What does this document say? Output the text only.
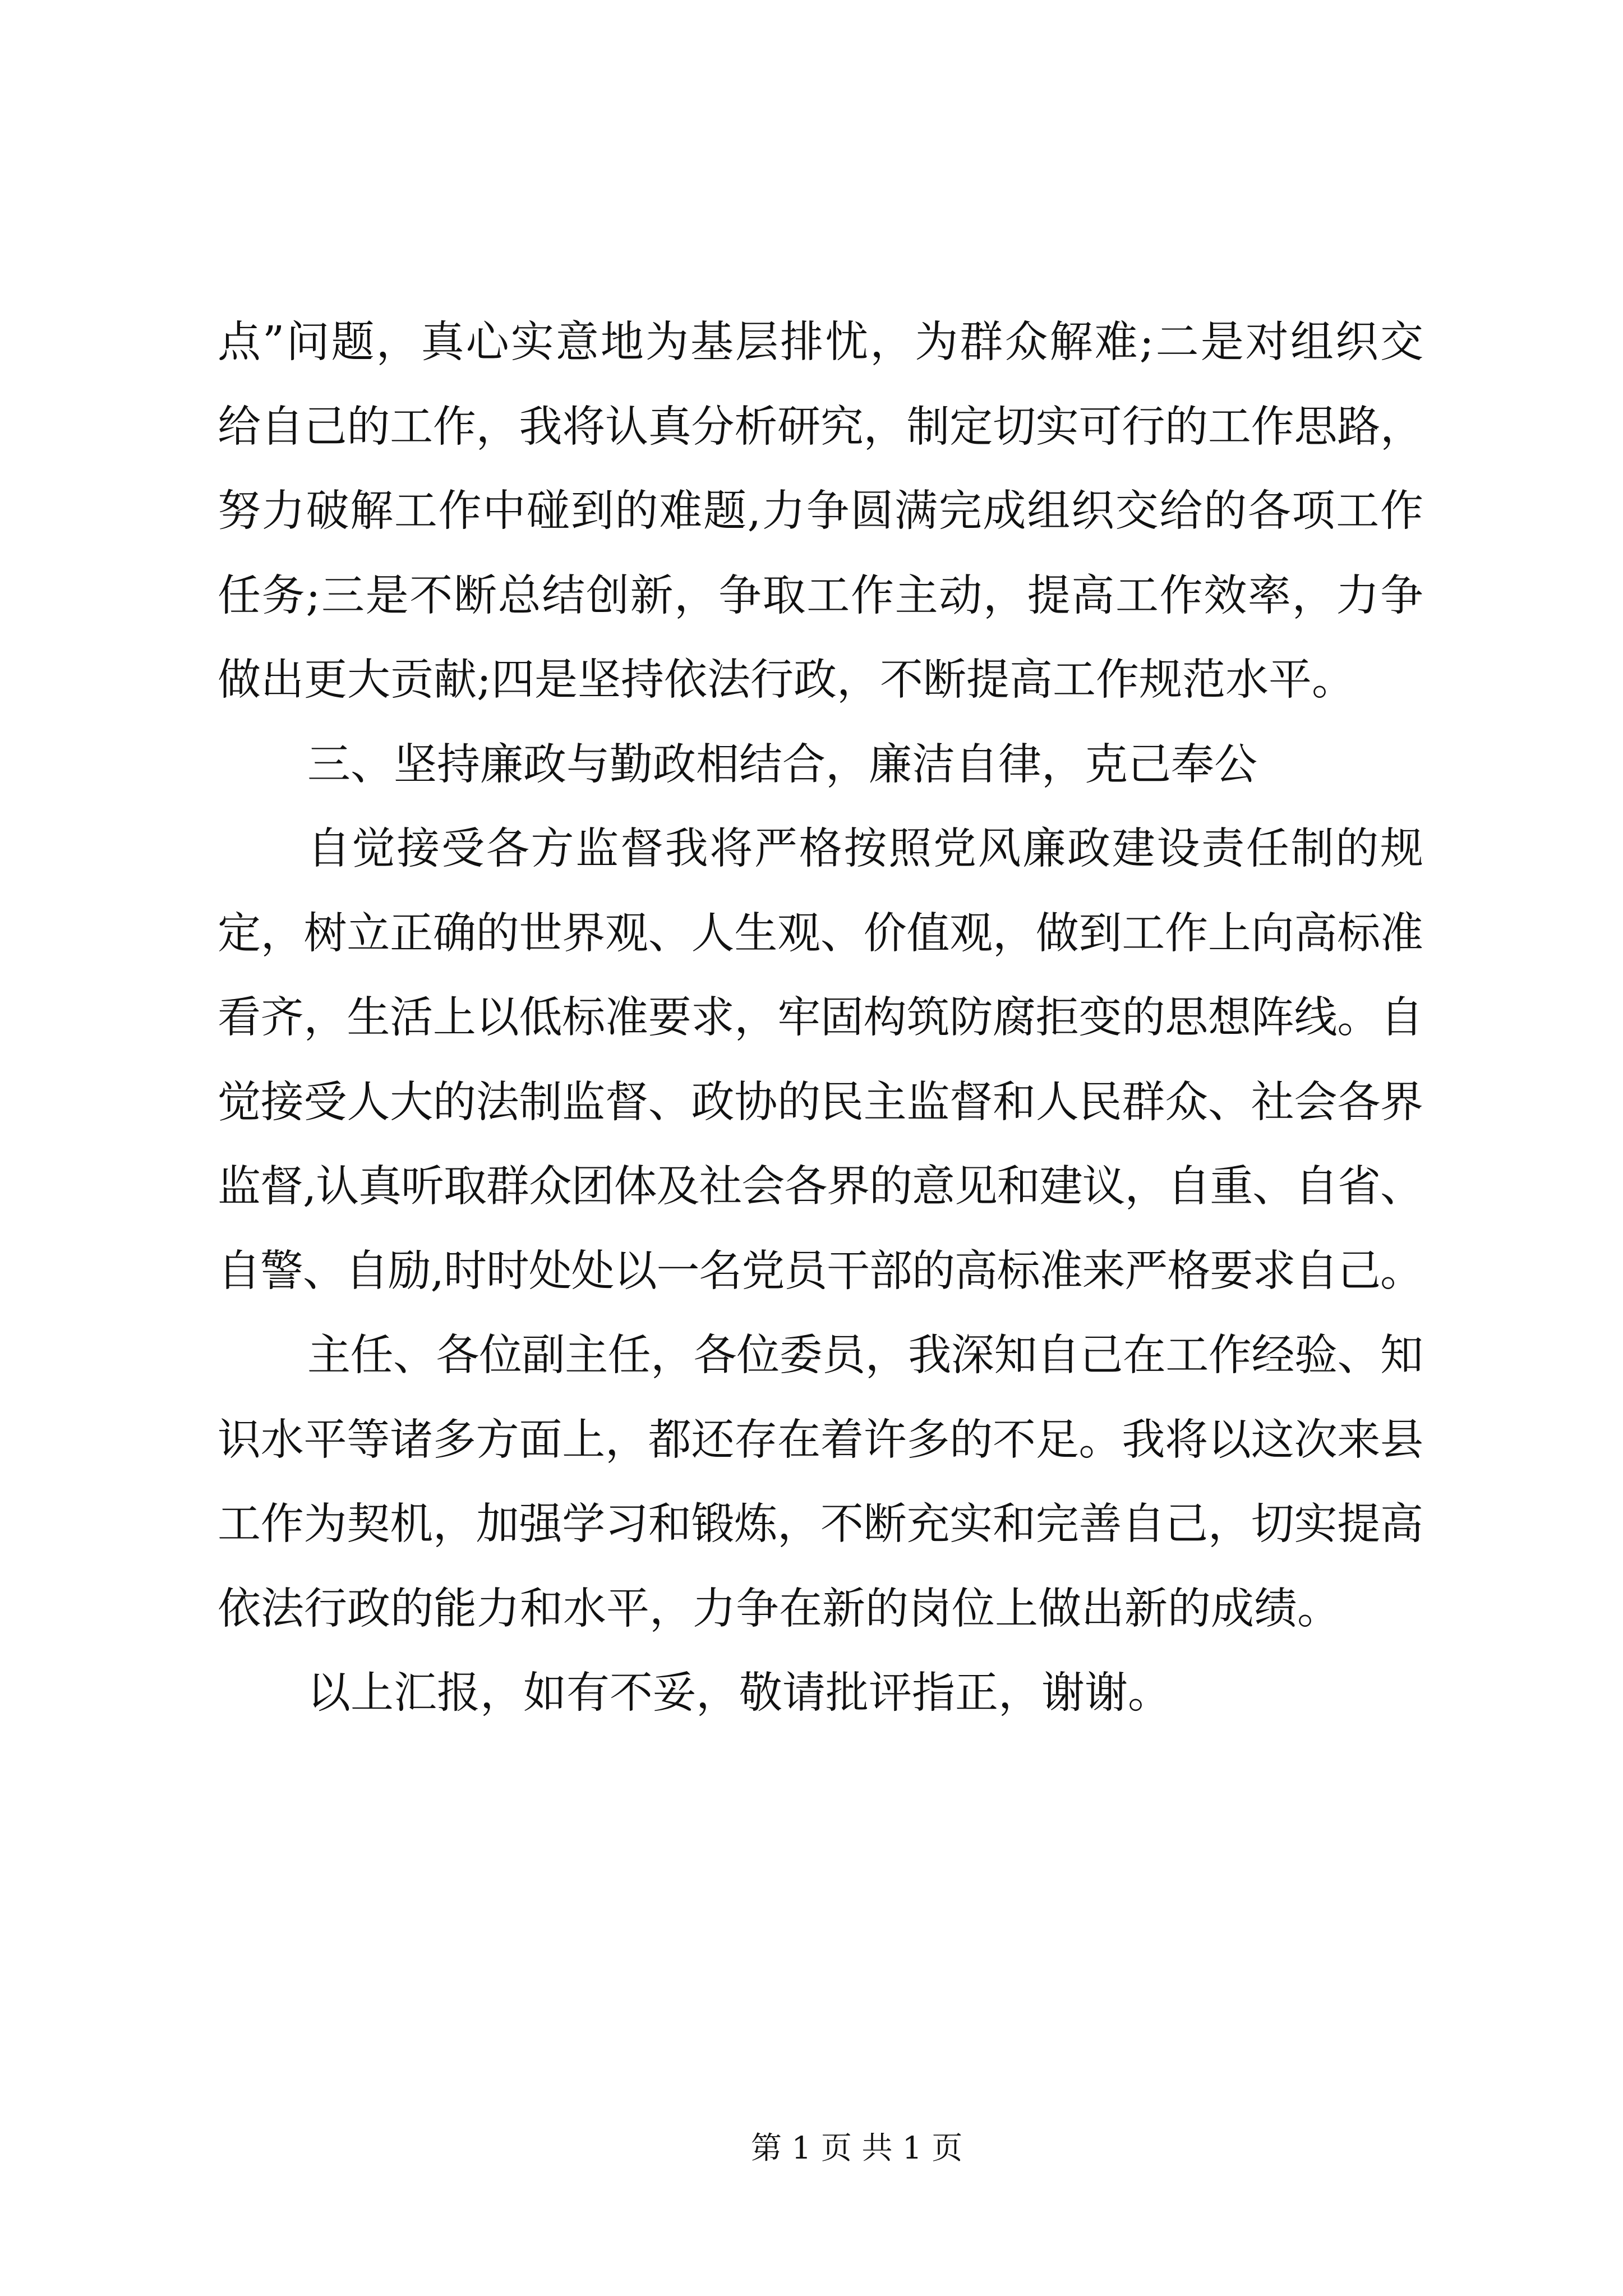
点”问题，真心实意地为基层排忧，为群众解难;二是对组织交
给自己的工作，我将认真分析研究，制定切实可行的工作思路，
努力破解工作中碰到的难题,力争圆满完成组织交给的各项工作
任务;三是不断总结创新，争取工作主动，提高工作效率，力争
做出更大贡献;四是坚持依法行政，不断提高工作规范水平。
三、坚持廉政与勤政相结合，廉洁自律，克己奉公
自觉接受各方监督我将严格按照党风廉政建设责任制的规
定，树立正确的世界观、人生观、价值观，做到工作上向高标准
看齐，生活上以低标准要求，牢固构筑防腐拒变的思想阵线。自
觉接受人大的法制监督、政协的民主监督和人民群众、社会各界
监督,认真听取群众团体及社会各界的意见和建议，自重、自省、
自警、自励,时时处处以一名党员干部的高标准来严格要求自己。
主任、各位副主任，各位委员，我深知自己在工作经验、知
识水平等诸多方面上，都还存在着许多的不足。我将以这次来县
工作为契机，加强学习和锻炼，不断充实和完善自己，切实提高
依法行政的能力和水平，力争在新的岗位上做出新的成绩。
以上汇报，如有不妥，敬请批评指正，谢谢。
第 1 页 共 1 页
